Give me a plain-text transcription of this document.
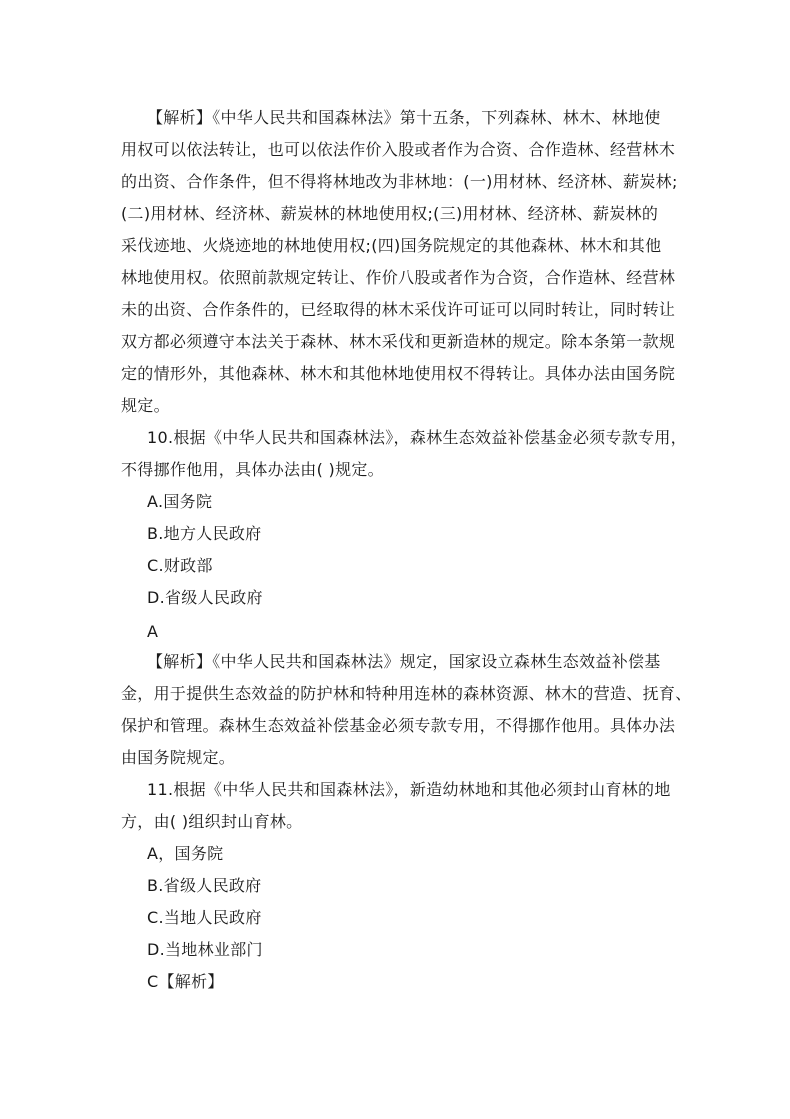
【解析】《中华人民共和国森林法》第十五条，下列森林、林木、林地使
用权可以依法转让，也可以依法作价入股或者作为合资、合作造林、经营林木
的出资、合作条件，但不得将林地改为非林地：(一)用材林、经济林、薪炭林;
(二)用材林、经济林、薪炭林的林地使用权;(三)用材林、经济林、薪炭林的
采伐迹地、火烧迹地的林地使用权;(四)国务院规定的其他森林、林木和其他
林地使用权。依照前款规定转让、作价八股或者作为合资，合作造林、经营林
未的出资、合作条件的，已经取得的林木采伐许可证可以同时转让，同时转让
双方都必须遵守本法关于森林、林木采伐和更新造林的规定。除本条第一款规
定的情形外，其他森林、林木和其他林地使用权不得转让。具体办法由国务院
规定。
10.根据《中华人民共和国森林法》，森林生态效益补偿基金必须专款专用，
不得挪作他用，具体办法由( )规定。
A.国务院
B.地方人民政府
C.财政部
D.省级人民政府
A
【解析】《中华人民共和国森林法》规定，国家设立森林生态效益补偿基
金，用于提供生态效益的防护林和特种用连林的森林资源、林木的营造、抚育、
保护和管理。森林生态效益补偿基金必须专款专用，不得挪作他用。具体办法
由国务院规定。
11.根据《中华人民共和国森林法》，新造幼林地和其他必须封山育林的地
方，由( )组织封山育林。
A，国务院
B.省级人民政府
C.当地人民政府
D.当地林业部门
C【解析】
